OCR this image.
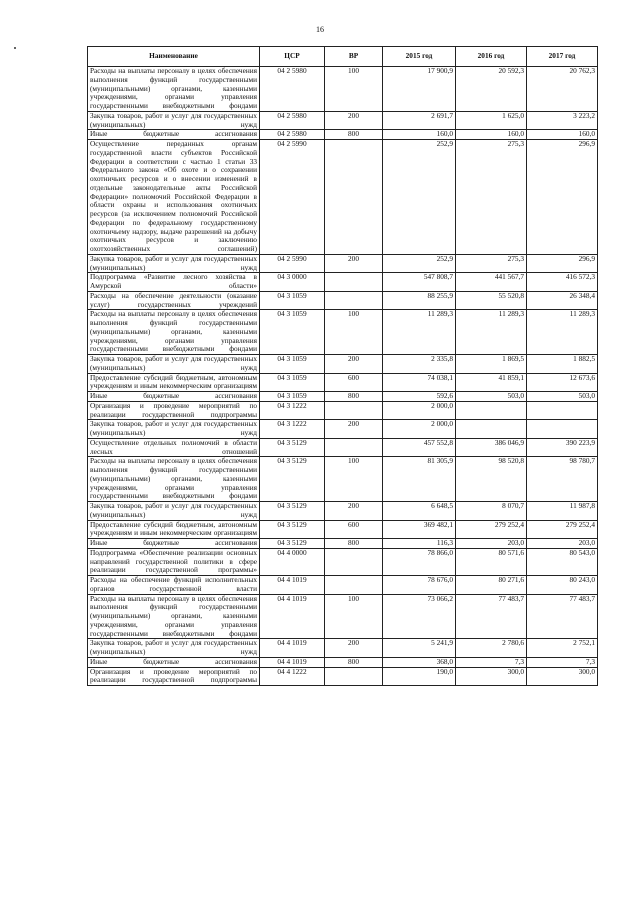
16
Наименование	ЦСР	ВР	2015 год	2016 год	2017 год
Расходы на выплаты персоналу в целях обеспечения выполнения функций государственными (муниципальными) органами, казенными учреждениями, органами управления государственными внебюджетными фондами	04 2 5980	100	17 900,9	20 592,3	20 762,3
Закупка товаров, работ и услуг для государственных (муниципальных) нужд	04 2 5980	200	2 691,7	1 625,0	3 223,2
Иные бюджетные ассигнования	04 2 5980	800	160,0	160,0	160,0
Осуществление переданных органам государственной власти субъектов Российской Федерации в соответствии с частью 1 статьи 33 Федерального закона «Об охоте и о сохранении охотничьих ресурсов и о внесении изменений в отдельные законодательные акты Российской Федерации» полномочий Российской Федерации в области охраны и использования охотничьих ресурсов (за исключением полномочий Российской Федерации по федеральному государственному охотничьему надзору, выдаче разрешений на добычу охотничьих ресурсов и заключению охотхозяйственных соглашений)	04 2 5990		252,9	275,3	296,9
Закупка товаров, работ и услуг для государственных (муниципальных) нужд	04 2 5990	200	252,9	275,3	296,9
Подпрограмма «Развитие лесного хозяйства в Амурской области»	04 3 0000		547 808,7	441 567,7	416 572,3
Расходы на обеспечение деятельности (оказание услуг) государственных учреждений	04 3 1059		88 255,9	55 520,8	26 348,4
Расходы на выплаты персоналу в целях обеспечения выполнения функций государственными (муниципальными) органами, казенными учреждениями, органами управления государственными внебюджетными фондами	04 3 1059	100	11 289,3	11 289,3	11 289,3
Закупка товаров, работ и услуг для государственных (муниципальных) нужд	04 3 1059	200	2 335,8	1 869,5	1 882,5
Предоставление субсидий бюджетным, автономным учреждениям и иным некоммерческим организациям	04 3 1059	600	74 038,1	41 859,1	12 673,6
Иные бюджетные ассигнования	04 3 1059	800	592,6	503,0	503,0
Организация и проведение мероприятий по реализации государственной подпрограммы	04 3 1222		2 000,0		
Закупка товаров, работ и услуг для государственных (муниципальных) нужд	04 3 1222	200	2 000,0		
Осуществление отдельных полномочий в области лесных отношений	04 3 5129		457 552,8	386 046,9	390 223,9
Расходы на выплаты персоналу в целях обеспечения выполнения функций государственными (муниципальными) органами, казенными учреждениями, органами управления государственными внебюджетными фондами	04 3 5129	100	81 305,9	98 520,8	98 780,7
Закупка товаров, работ и услуг для государственных (муниципальных) нужд	04 3 5129	200	6 648,5	8 070,7	11 987,8
Предоставление субсидий бюджетным, автономным учреждениям и иным некоммерческим организациям	04 3 5129	600	369 482,1	279 252,4	279 252,4
Иные бюджетные ассигнования	04 3 5129	800	116,3	203,0	203,0
Подпрограмма «Обеспечение реализации основных направлений государственной политики в сфере реализации государственной программы»	04 4 0000		78 866,0	80 571,6	80 543,0
Расходы на обеспечение функций исполнительных органов государственной власти	04 4 1019		78 676,0	80 271,6	80 243,0
Расходы на выплаты персоналу в целях обеспечения выполнения функций государственными (муниципальными) органами, казенными учреждениями, органами управления государственными внебюджетными фондами	04 4 1019	100	73 066,2	77 483,7	77 483,7
Закупка товаров, работ и услуг для государственных (муниципальных) нужд	04 4 1019	200	5 241,9	2 780,6	2 752,1
Иные бюджетные ассигнования	04 4 1019	800	368,0	7,3	7,3
Организация и проведение мероприятий по реализации государственной подпрограммы	04 4 1222		190,0	300,0	300,0
